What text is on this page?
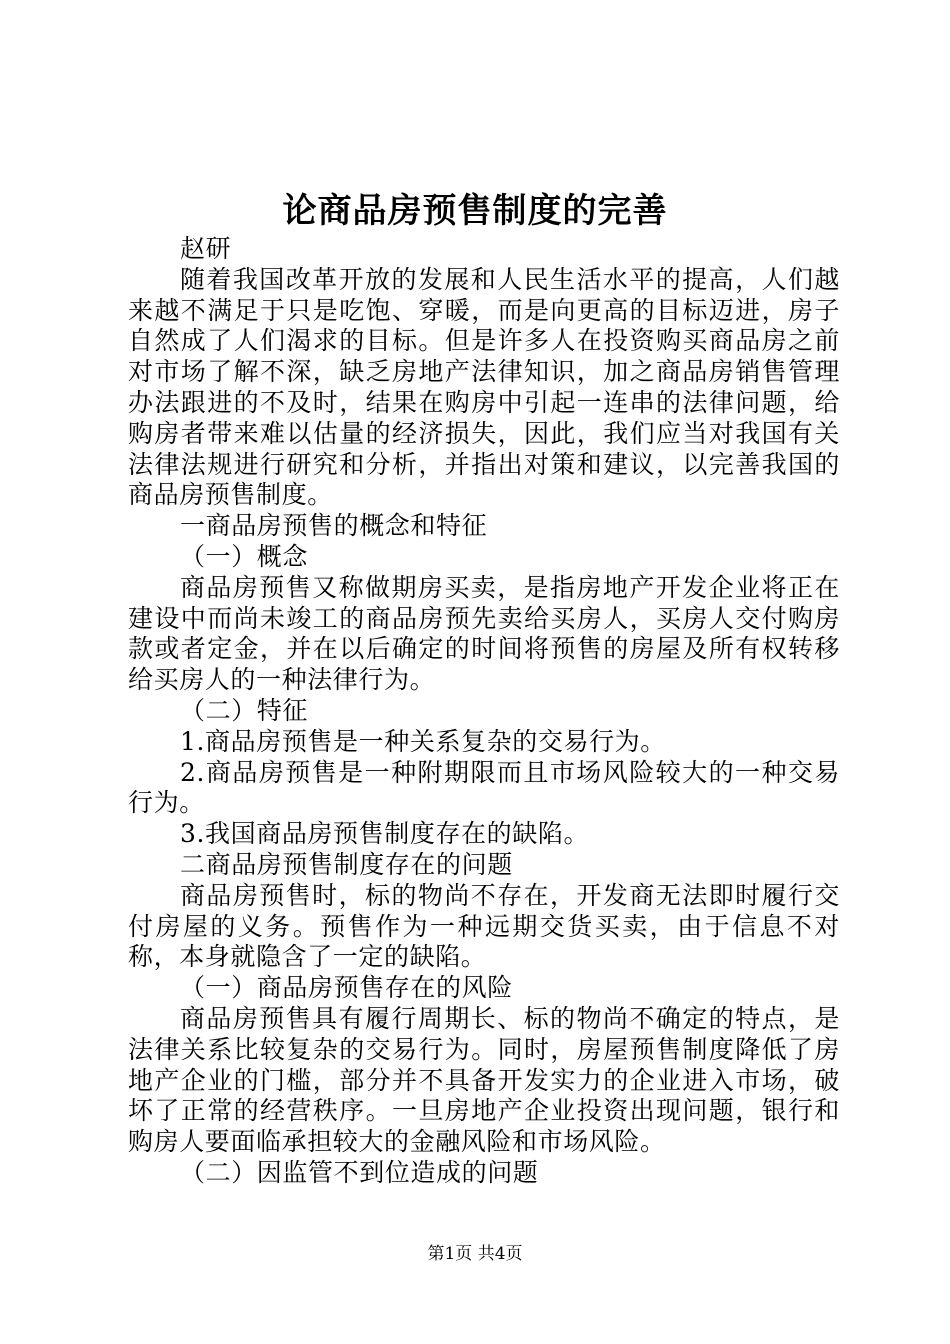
论商品房预售制度的完善

赵研

随着我国改革开放的发展和人民生活水平的提高，人们越来越不满足于只是吃饱、穿暖，而是向更高的目标迈进，房子自然成了人们渴求的目标。但是许多人在投资购买商品房之前对市场了解不深，缺乏房地产法律知识，加之商品房销售管理办法跟进的不及时，结果在购房中引起一连串的法律问题，给购房者带来难以估量的经济损失，因此，我们应当对我国有关法律法规进行研究和分析，并指出对策和建议，以完善我国的商品房预售制度。

一商品房预售的概念和特征

（一）概念

商品房预售又称做期房买卖，是指房地产开发企业将正在建设中而尚未竣工的商品房预先卖给买房人，买房人交付购房款或者定金，并在以后确定的时间将预售的房屋及所有权转移给买房人的一种法律行为。

（二）特征

1.商品房预售是一种关系复杂的交易行为。

2.商品房预售是一种附期限而且市场风险较大的一种交易行为。

3.我国商品房预售制度存在的缺陷。

二商品房预售制度存在的问题

商品房预售时，标的物尚不存在，开发商无法即时履行交付房屋的义务。预售作为一种远期交货买卖，由于信息不对称，本身就隐含了一定的缺陷。

（一）商品房预售存在的风险

商品房预售具有履行周期长、标的物尚不确定的特点，是法律关系比较复杂的交易行为。同时，房屋预售制度降低了房地产企业的门槛，部分并不具备开发实力的企业进入市场，破坏了正常的经营秩序。一旦房地产企业投资出现问题，银行和购房人要面临承担较大的金融风险和市场风险。

（二）因监管不到位造成的问题

第1页 共4页
